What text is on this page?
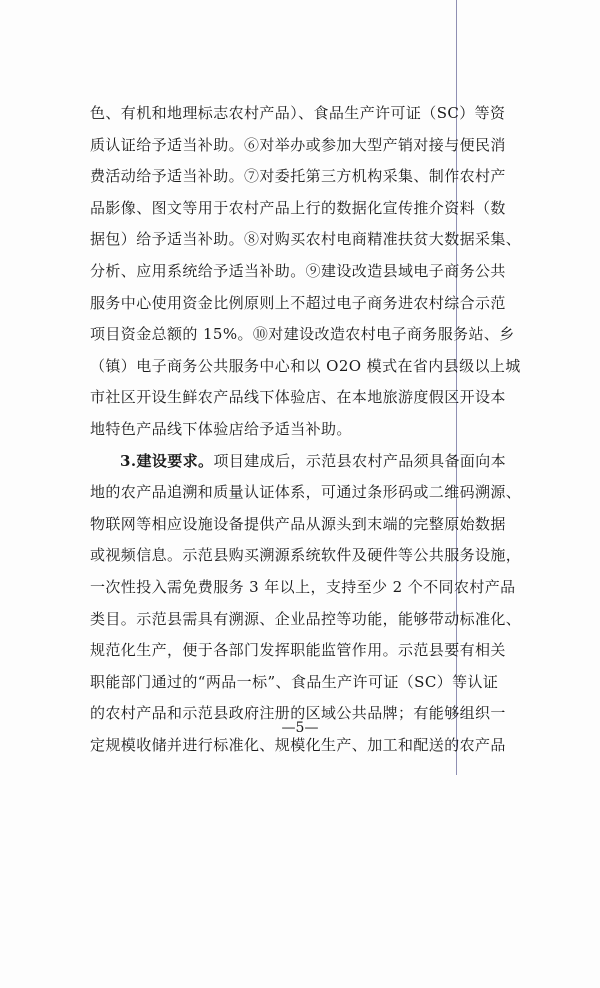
色、有机和地理标志农村产品）、食品生产许可证（SC）等资
质认证给予适当补助。⑥对举办或参加大型产销对接与便民消
费活动给予适当补助。⑦对委托第三方机构采集、制作农村产
品影像、图文等用于农村产品上行的数据化宣传推介资料（数
据包）给予适当补助。⑧对购买农村电商精准扶贫大数据采集、
分析、应用系统给予适当补助。⑨建设改造县域电子商务公共
服务中心使用资金比例原则上不超过电子商务进农村综合示范
项目资金总额的 15%。⑩对建设改造农村电子商务服务站、乡
（镇）电子商务公共服务中心和以 O2O 模式在省内县级以上城
市社区开设生鲜农产品线下体验店、在本地旅游度假区开设本
地特色产品线下体验店给予适当补助。
3.建设要求。项目建成后，示范县农村产品须具备面向本
地的农产品追溯和质量认证体系，可通过条形码或二维码溯源、
物联网等相应设施设备提供产品从源头到末端的完整原始数据
或视频信息。示范县购买溯源系统软件及硬件等公共服务设施，
一次性投入需免费服务 3 年以上，支持至少 2 个不同农村产品
类目。示范县需具有溯源、企业品控等功能，能够带动标准化、
规范化生产，便于各部门发挥职能监管作用。示范县要有相关
职能部门通过的“两品一标”、食品生产许可证（SC）等认证
的农村产品和示范县政府注册的区域公共品牌；有能够组织一
定规模收储并进行标准化、规模化生产、加工和配送的农产品
—5—
